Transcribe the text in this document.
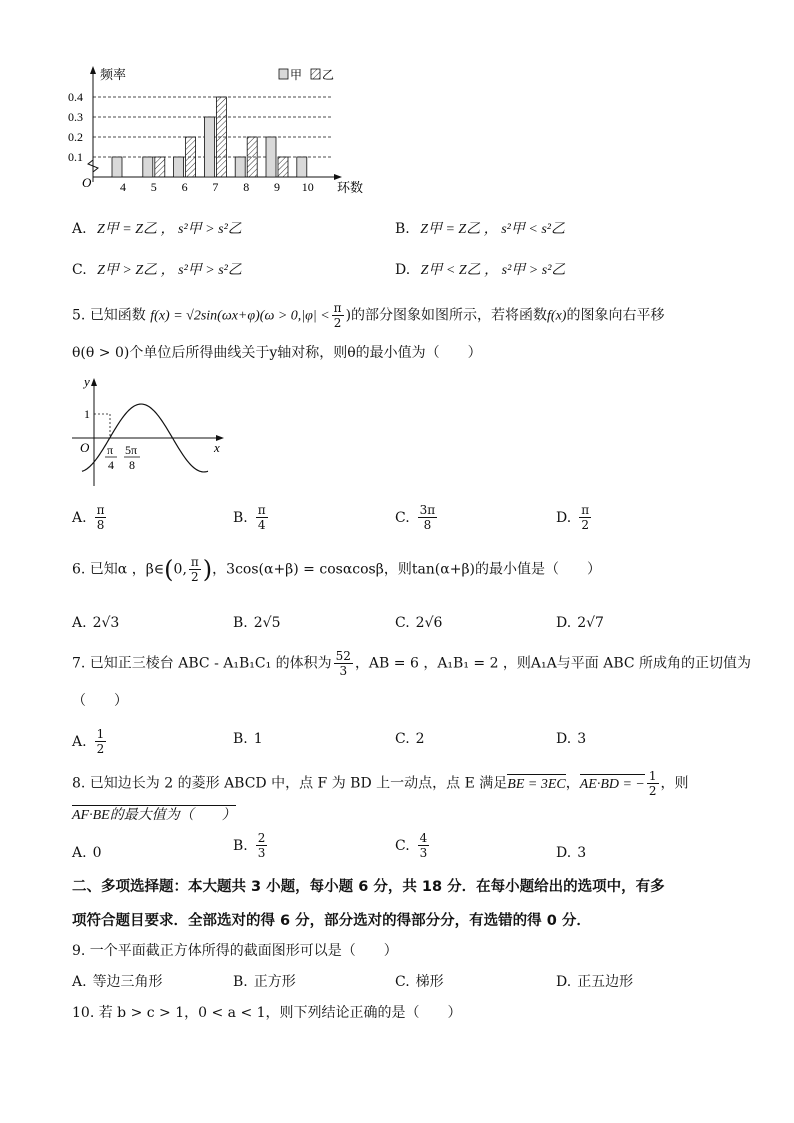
0.1
0.2
0.3
0.4
4 5 6 7 8 9 10
频率
环数
O
甲 乙
A. Z甲 = Z乙 ， s²甲 > s²乙	B. Z甲 = Z乙 ， s²甲 < s²乙
C. Z甲 > Z乙 ， s²甲 > s²乙	D. Z甲 < Z乙 ， s²甲 > s²乙
5. 已知函数 $f(x) = √2\sin(\omega x+\varphi)(\omega > 0,|\varphi| < \frac{\pi}{2}$ )的部分图象如图所示，若将函数f(x)的图象向右平移
θ(θ > 0)个单位后所得曲线关于y轴对称，则θ的最小值为（　　）
y
x
O
1
π
4
5π
8
A. $\frac{\pi}{8}$	B. $\frac{\pi}{4}$	C. $\frac{3\pi}{8}$	D. $\frac{\pi}{2}$
6. 已知α ，β∈(0, $\frac{\pi}{2}$ )，3cos(α+β) = cosαcosβ，则tan(α+β)的最小值是（　　）
A. 2√3	B. 2√5	C. 2√6	D. 2√7
7. 已知正三棱台 ABC - A₁B₁C₁ 的体积为 $\frac{52}{3}$ ，AB = 6 ，A₁B₁ = 2 ，则A₁A与平面 ABC 所成角的正切值为
（　　）
A. $\frac{1}{2}$	B. 1	C. 2	D. 3
8. 已知边长为 2 的菱形 ABCD 中，点 F 为 BD 上一动点，点 E 满足BE = 3EC，AE·BD = − $\frac{1}{2}$ ，则
AF·BE的最大值为（　　）
A. 0	B. $\frac{2}{3}$	C. $\frac{4}{3}$	D. 3
二、多项选择题：本大题共 3 小题，每小题 6 分，共 18 分．在每小题给出的选项中，有多
项符合题目要求．全部选对的得 6 分，部分选对的得部分分，有选错的得 0 分．
9. 一个平面截正方体所得的截面图形可以是（　　）
A. 等边三角形	B. 正方形	C. 梯形	D. 正五边形
10. 若 b > c > 1，0 < a < 1，则下列结论正确的是（　　）
